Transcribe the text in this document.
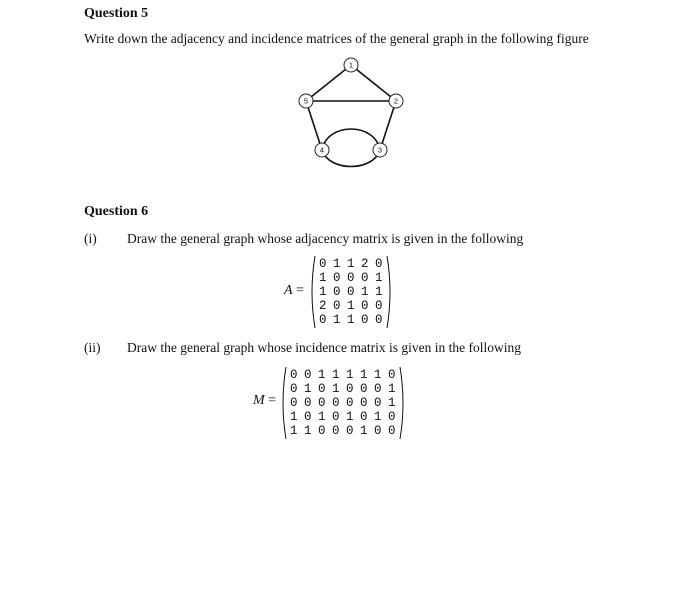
Question 5
Write down the adjacency and incidence matrices of the general graph in the following figure
1
2
3
4
5
Question 6
(i) Draw the general graph whose adjacency matrix is given in the following
A =
0 1 1 2 0
1 0 0 0 1
1 0 0 1 1
2 0 1 0 0
0 1 1 0 0
(ii) Draw the general graph whose incidence matrix is given in the following
M =
0 0 1 1 1 1 1 0
0 1 0 1 0 0 0 1
0 0 0 0 0 0 0 1
1 0 1 0 1 0 1 0
1 1 0 0 0 1 0 0
